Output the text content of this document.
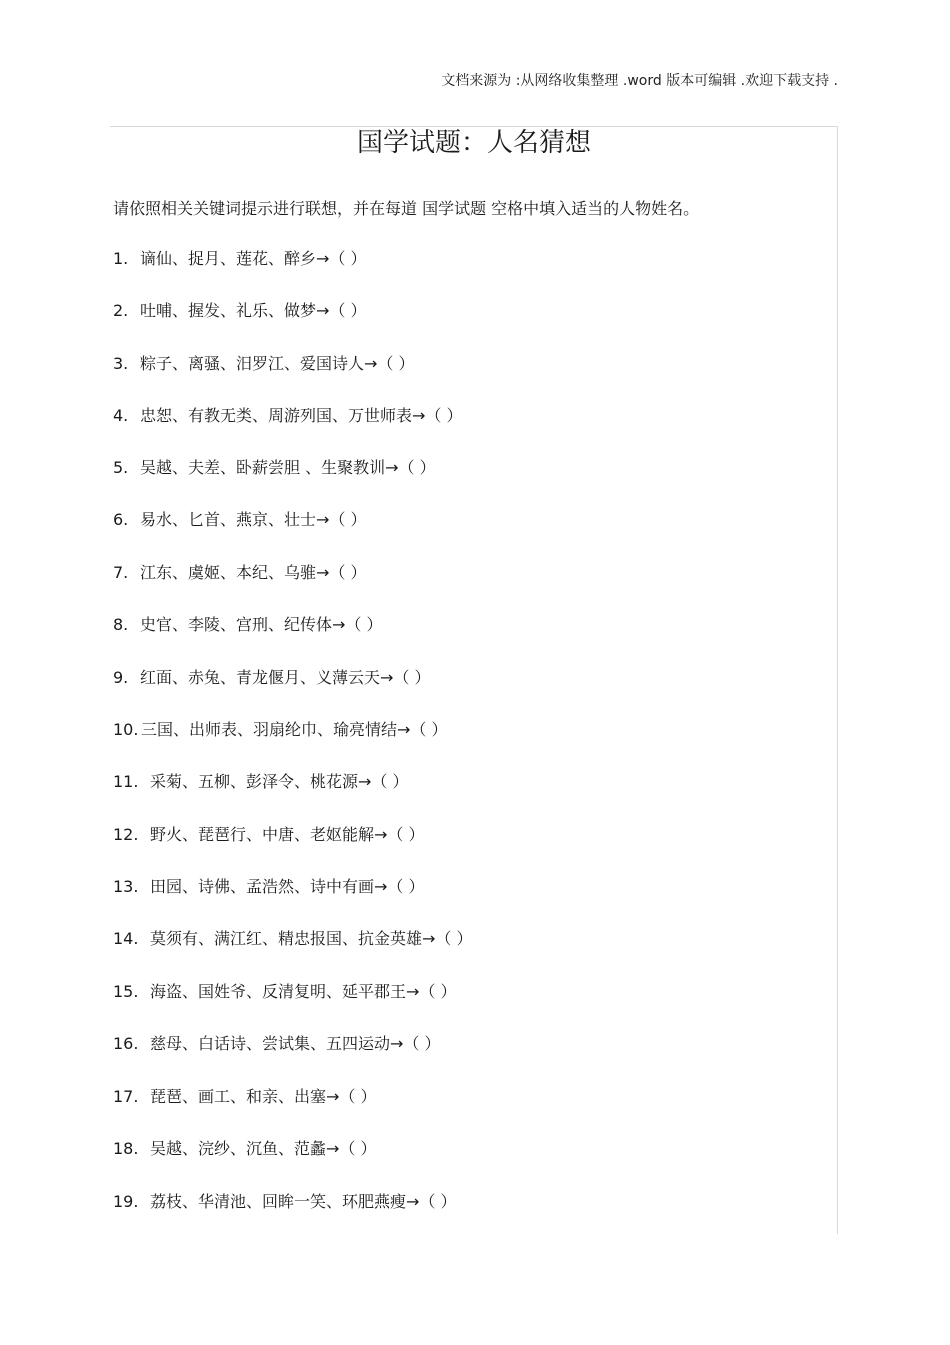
文档来源为 :从网络收集整理 .word 版本可编辑 .欢迎下载支持 .
国学试题：人名猜想
请依照相关关键词提示进行联想，并在每道 国学试题 空格中填入适当的人物姓名。
1. 谪仙、捉月、莲花、醉乡→（ ）
2. 吐哺、握发、礼乐、做梦→（ ）
3. 粽子、离骚、汨罗江、爱国诗人→（ ）
4. 忠恕、有教无类、周游列国、万世师表→（ ）
5. 吴越、夫差、卧薪尝胆 、生聚教训→（ ）
6. 易水、匕首、燕京、壮士→（ ）
7. 江东、虞姬、本纪、乌骓→（ ）
8. 史官、李陵、宫刑、纪传体→（ ）
9. 红面、赤兔、青龙偃月、义薄云天→（ ）
10. 三国、出师表、羽扇纶巾、瑜亮情结→（ ）
11. 采菊、五柳、彭泽令、桃花源→（ ）
12. 野火、琵琶行、中唐、老妪能解→（ ）
13. 田园、诗佛、孟浩然、诗中有画→（ ）
14. 莫须有、满江红、精忠报国、抗金英雄→（ ）
15. 海盗、国姓爷、反清复明、延平郡王→（ ）
16. 慈母、白话诗、尝试集、五四运动→（ ）
17. 琵琶、画工、和亲、出塞→（ ）
18. 吴越、浣纱、沉鱼、范蠡→（ ）
19. 荔枝、华清池、回眸一笑、环肥燕瘦→（ ）
